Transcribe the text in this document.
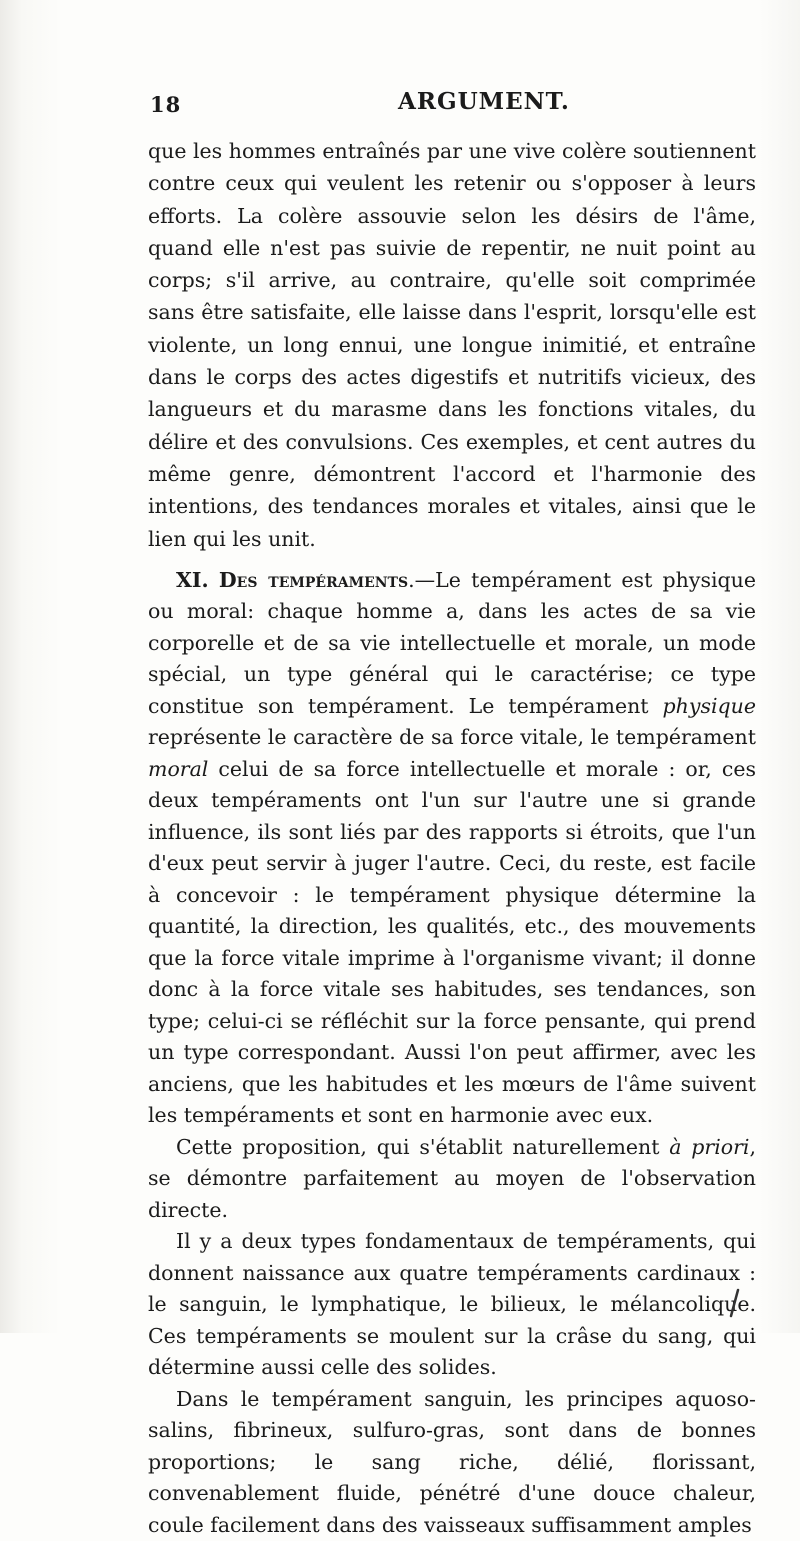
18	ARGUMENT.

que les hommes entraînés par une vive colère soutiennent contre ceux qui veulent les retenir ou s'opposer à leurs efforts. La colère assouvie selon les désirs de l'âme, quand elle n'est pas suivie de repentir, ne nuit point au corps; s'il arrive, au contraire, qu'elle soit comprimée sans être satisfaite, elle laisse dans l'esprit, lorsqu'elle est violente, un long ennui, une longue inimitié, et entraîne dans le corps des actes digestifs et nutritifs vicieux, des langueurs et du marasme dans les fonctions vitales, du délire et des convulsions. Ces exemples, et cent autres du même genre, démontrent l'accord et l'harmonie des intentions, des tendances morales et vitales, ainsi que le lien qui les unit.

XI. Des tempéraments.—Le tempérament est physique ou moral: chaque homme a, dans les actes de sa vie corporelle et de sa vie intellectuelle et morale, un mode spécial, un type général qui le caractérise; ce type constitue son tempérament. Le tempérament physique représente le caractère de sa force vitale, le tempérament moral celui de sa force intellectuelle et morale : or, ces deux tempéraments ont l'un sur l'autre une si grande influence, ils sont liés par des rapports si étroits, que l'un d'eux peut servir à juger l'autre. Ceci, du reste, est facile à concevoir : le tempérament physique détermine la quantité, la direction, les qualités, etc., des mouvements que la force vitale imprime à l'organisme vivant; il donne donc à la force vitale ses habitudes, ses tendances, son type; celui-ci se réfléchit sur la force pensante, qui prend un type correspondant. Aussi l'on peut affirmer, avec les anciens, que les habitudes et les mœurs de l'âme suivent les tempéraments et sont en harmonie avec eux.

Cette proposition, qui s'établit naturellement à priori, se démontre parfaitement au moyen de l'observation directe.

Il y a deux types fondamentaux de tempéraments, qui donnent naissance aux quatre tempéraments cardinaux : le sanguin, le lymphatique, le bilieux, le mélancolique. Ces tempéraments se moulent sur la crâse du sang, qui détermine aussi celle des solides.

Dans le tempérament sanguin, les principes aquoso-salins, fibrineux, sulfuro-gras, sont dans de bonnes proportions; le sang riche, délié, florissant, convenablement fluide, pénétré d'une douce chaleur, coule facilement dans des vaisseaux suffisamment amples
